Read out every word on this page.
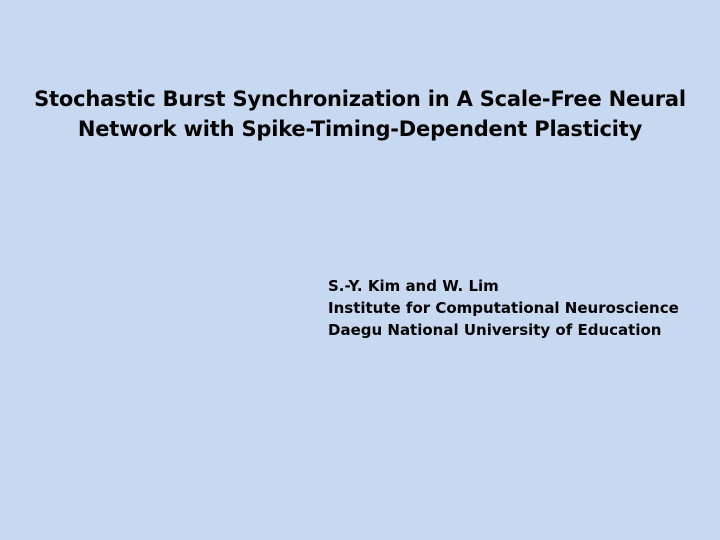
Stochastic Burst Synchronization in A Scale-Free Neural
Network with Spike-Timing-Dependent Plasticity
S.-Y. Kim and W. Lim
Institute for Computational Neuroscience
Daegu National University of Education
